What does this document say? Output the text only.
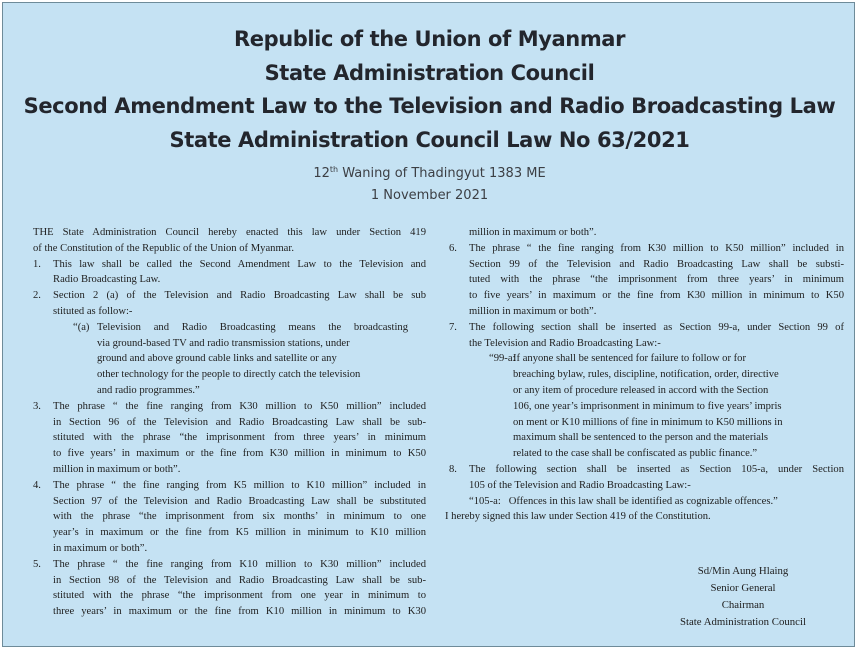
Republic of the Union of Myanmar
State Administration Council
Second Amendment Law to the Television and Radio Broadcasting Law
State Administration Council Law No 63/2021
12th Waning of Thadingyut 1383 ME
1 November 2021
THE State Administration Council hereby enacted this law under Section 419
of the Constitution of the Republic of the Union of Myanmar.
1. This law shall be called the Second Amendment Law to the Television and
Radio Broadcasting Law.
2. Section 2 (a) of the Television and Radio Broadcasting Law shall be sub
stituted as follow:-
“(a) Television and Radio Broadcasting means the broadcasting
via ground-based TV and radio transmission stations, under
ground and above ground cable links and satellite or any
other technology for the people to directly catch the television
and radio programmes.”
3. The phrase “ the fine ranging from K30 million to K50 million” included
in Section 96 of the Television and Radio Broadcasting Law shall be sub-
stituted with the phrase “the imprisonment from three years’ in minimum
to five years’ in maximum or the fine from K30 million in minimum to K50
million in maximum or both”.
4. The phrase “ the fine ranging from K5 million to K10 million” included in
Section 97 of the Television and Radio Broadcasting Law shall be substituted
with the phrase “the imprisonment from six months’ in minimum to one
year’s in maximum or the fine from K5 million in minimum to K10 million
in maximum or both”.
5. The phrase “ the fine ranging from K10 million to K30 million” included
in Section 98 of the Television and Radio Broadcasting Law shall be sub-
stituted with the phrase “the imprisonment from one year in minimum to
three years’ in maximum or the fine from K10 million in minimum to K30
million in maximum or both”.
6. The phrase “ the fine ranging from K30 million to K50 million” included in
Section 99 of the Television and Radio Broadcasting Law shall be substi-
tuted with the phrase “the imprisonment from three years’ in minimum
to five years’ in maximum or the fine from K30 million in minimum to K50
million in maximum or both”.
7. The following section shall be inserted as Section 99-a, under Section 99 of
the Television and Radio Broadcasting Law:-
“99-a:If anyone shall be sentenced for failure to follow or for
breaching bylaw, rules, discipline, notification, order, directive
or any item of procedure released in accord with the Section
106, one year’s imprisonment in minimum to five years’ impris
on ment or K10 millions of fine in minimum to K50 millions in
maximum shall be sentenced to the person and the materials
related to the case shall be confiscated as public finance.”
8. The following section shall be inserted as Section 105-a, under Section
105 of the Television and Radio Broadcasting Law:-
“105-a: Offences in this law shall be identified as cognizable offences.”
I hereby signed this law under Section 419 of the Constitution.
Sd/Min Aung Hlaing
Senior General
Chairman
State Administration Council
